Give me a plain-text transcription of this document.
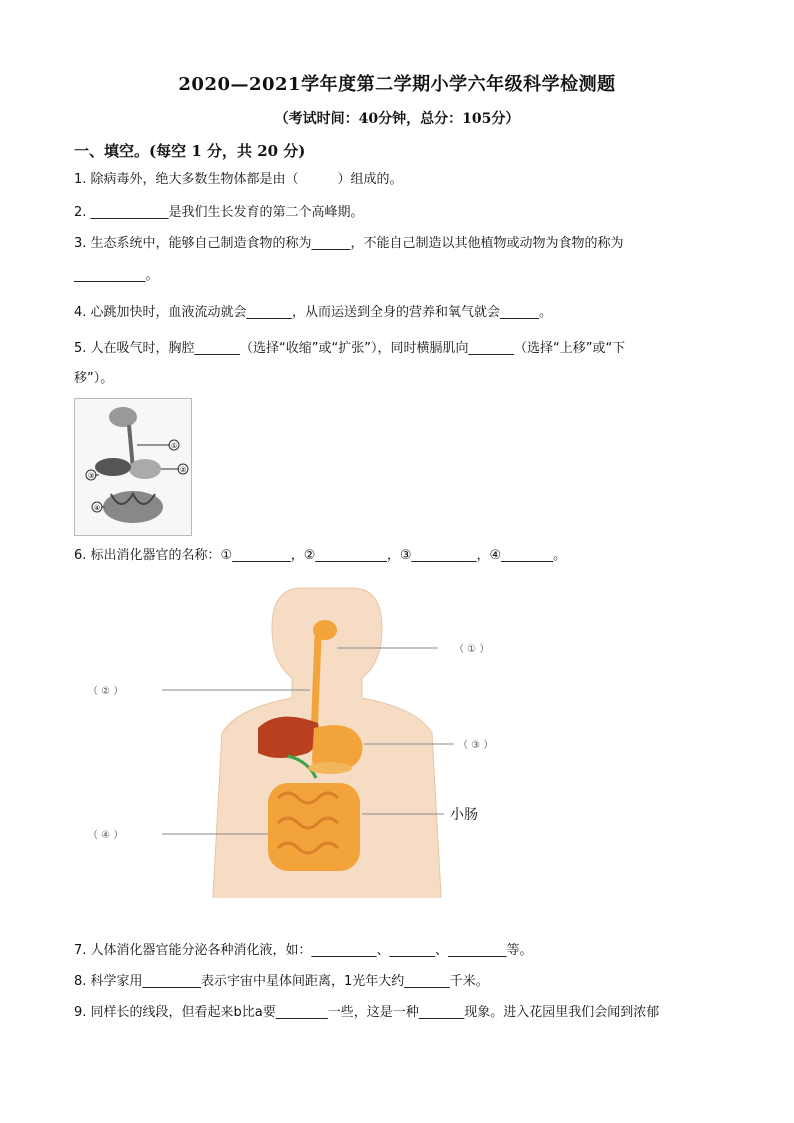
2020—2021学年度第二学期小学六年级科学检测题
（考试时间：40分钟，总分：105分）
一、填空。(每空 1 分，共 20 分)
1. 除病毒外，绝大多数生物体都是由（　　　）组成的。
2. ____________是我们生长发育的第二个高峰期。
3. 生态系统中，能够自己制造食物的称为______，不能自己制造以其他植物或动物为食物的称为
___________。
4. 心跳加快时，血液流动就会_______，从而运送到全身的营养和氧气就会______。
5. 人在吸气时，胸腔_______（选择“收缩”或“扩张”），同时横膈肌向_______（选择“上移”或“下
移”）。
①
②
③
④
6. 标出消化器官的名称：①_________，②___________，③__________，④________。
（ ① ）
（ ② ）
（ ③ ）
小肠
（ ④ ）
7. 人体消化器官能分泌各种消化液，如：__________、_______、_________等。
8. 科学家用_________表示宇宙中星体间距离，1光年大约_______千米。
9. 同样长的线段，但看起来b比a要________一些，这是一种_______现象。进入花园里我们会闻到浓郁
